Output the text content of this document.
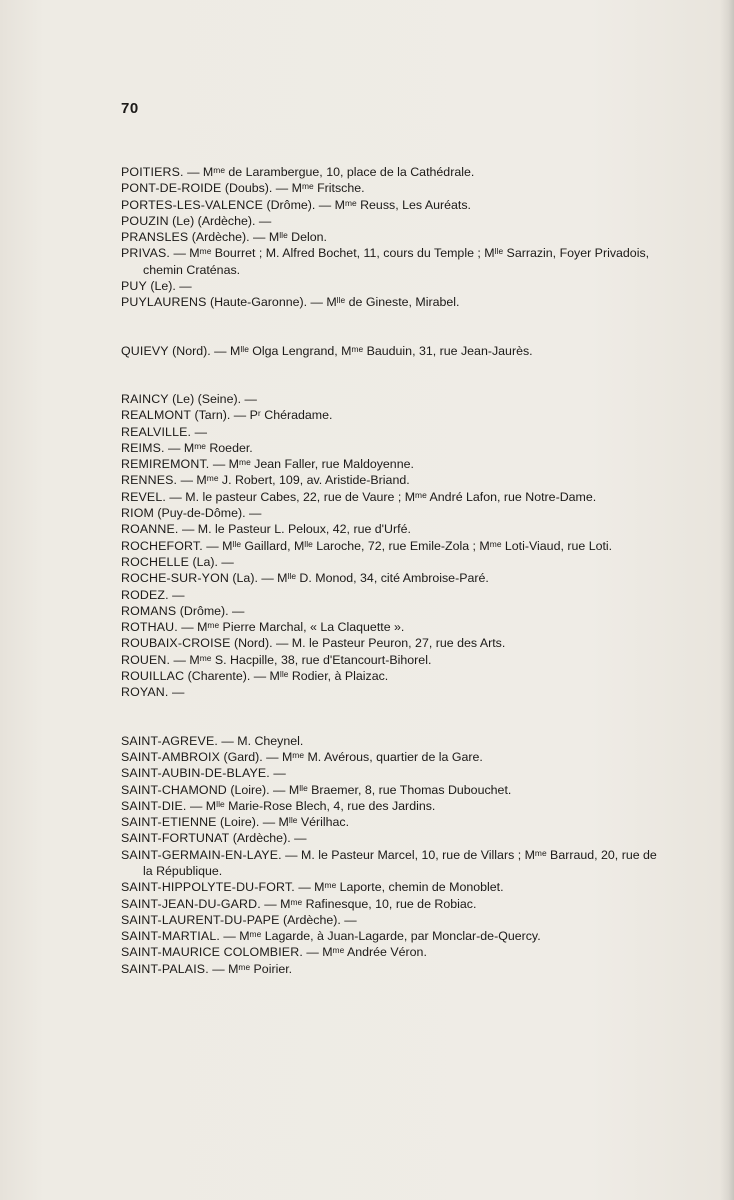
70

POITIERS. — Mᵐᵉ de Larambergue, 10, place de la Cathédrale.

PONT-DE-ROIDE (Doubs). — Mᵐᵉ Fritsche.

PORTES-LES-VALENCE (Drôme). — Mᵐᵉ Reuss, Les Auréats.

POUZIN (Le) (Ardèche). —

PRANSLES (Ardèche). — Mˡˡᵉ Delon.

PRIVAS. — Mᵐᵉ Bourret ; M. Alfred Bochet, 11, cours du Temple ; Mˡˡᵉ Sarrazin, Foyer Privadois, chemin Craténas.

PUY (Le). —

PUYLAURENS (Haute-Garonne). — Mˡˡᵉ de Gineste, Mirabel.

QUIEVY (Nord). — Mˡˡᵉ Olga Lengrand, Mᵐᵉ Bauduin, 31, rue Jean-Jaurès.

RAINCY (Le) (Seine). —

REALMONT (Tarn). — Pʳ Chéradame.

REALVILLE. —

REIMS. — Mᵐᵉ Roeder.

REMIREMONT. — Mᵐᵉ Jean Faller, rue Maldoyenne.

RENNES. — Mᵐᵉ J. Robert, 109, av. Aristide-Briand.

REVEL. — M. le pasteur Cabes, 22, rue de Vaure ; Mᵐᵉ André Lafon, rue Notre-Dame.

RIOM (Puy-de-Dôme). —

ROANNE. — M. le Pasteur L. Peloux, 42, rue d'Urfé.

ROCHEFORT. — Mˡˡᵉ Gaillard, Mˡˡᵉ Laroche, 72, rue Emile-Zola ; Mᵐᵉ Loti-Viaud, rue Loti.

ROCHELLE (La). —

ROCHE-SUR-YON (La). — Mˡˡᵉ D. Monod, 34, cité Ambroise-Paré.

RODEZ. —

ROMANS (Drôme). —

ROTHAU. — Mᵐᵉ Pierre Marchal, « La Claquette ».

ROUBAIX-CROISE (Nord). — M. le Pasteur Peuron, 27, rue des Arts.

ROUEN. — Mᵐᵉ S. Hacpille, 38, rue d'Etancourt-Bihorel.

ROUILLAC (Charente). — Mˡˡᵉ Rodier, à Plaizac.

ROYAN. —

SAINT-AGREVE. — M. Cheynel.

SAINT-AMBROIX (Gard). — Mᵐᵉ M. Avérous, quartier de la Gare.

SAINT-AUBIN-DE-BLAYE. —

SAINT-CHAMOND (Loire). — Mˡˡᵉ Braemer, 8, rue Thomas Dubouchet.

SAINT-DIE. — Mˡˡᵉ Marie-Rose Blech, 4, rue des Jardins.

SAINT-ETIENNE (Loire). — Mˡˡᵉ Vérilhac.

SAINT-FORTUNAT (Ardèche). —

SAINT-GERMAIN-EN-LAYE. — M. le Pasteur Marcel, 10, rue de Villars ; Mᵐᵉ Barraud, 20, rue de la République.

SAINT-HIPPOLYTE-DU-FORT. — Mᵐᵉ Laporte, chemin de Monoblet.

SAINT-JEAN-DU-GARD. — Mᵐᵉ Rafinesque, 10, rue de Robiac.

SAINT-LAURENT-DU-PAPE (Ardèche). —

SAINT-MARTIAL. — Mᵐᵉ Lagarde, à Juan-Lagarde, par Monclar-de-Quercy.

SAINT-MAURICE COLOMBIER. — Mᵐᵉ Andrée Véron.

SAINT-PALAIS. — Mᵐᵉ Poirier.
